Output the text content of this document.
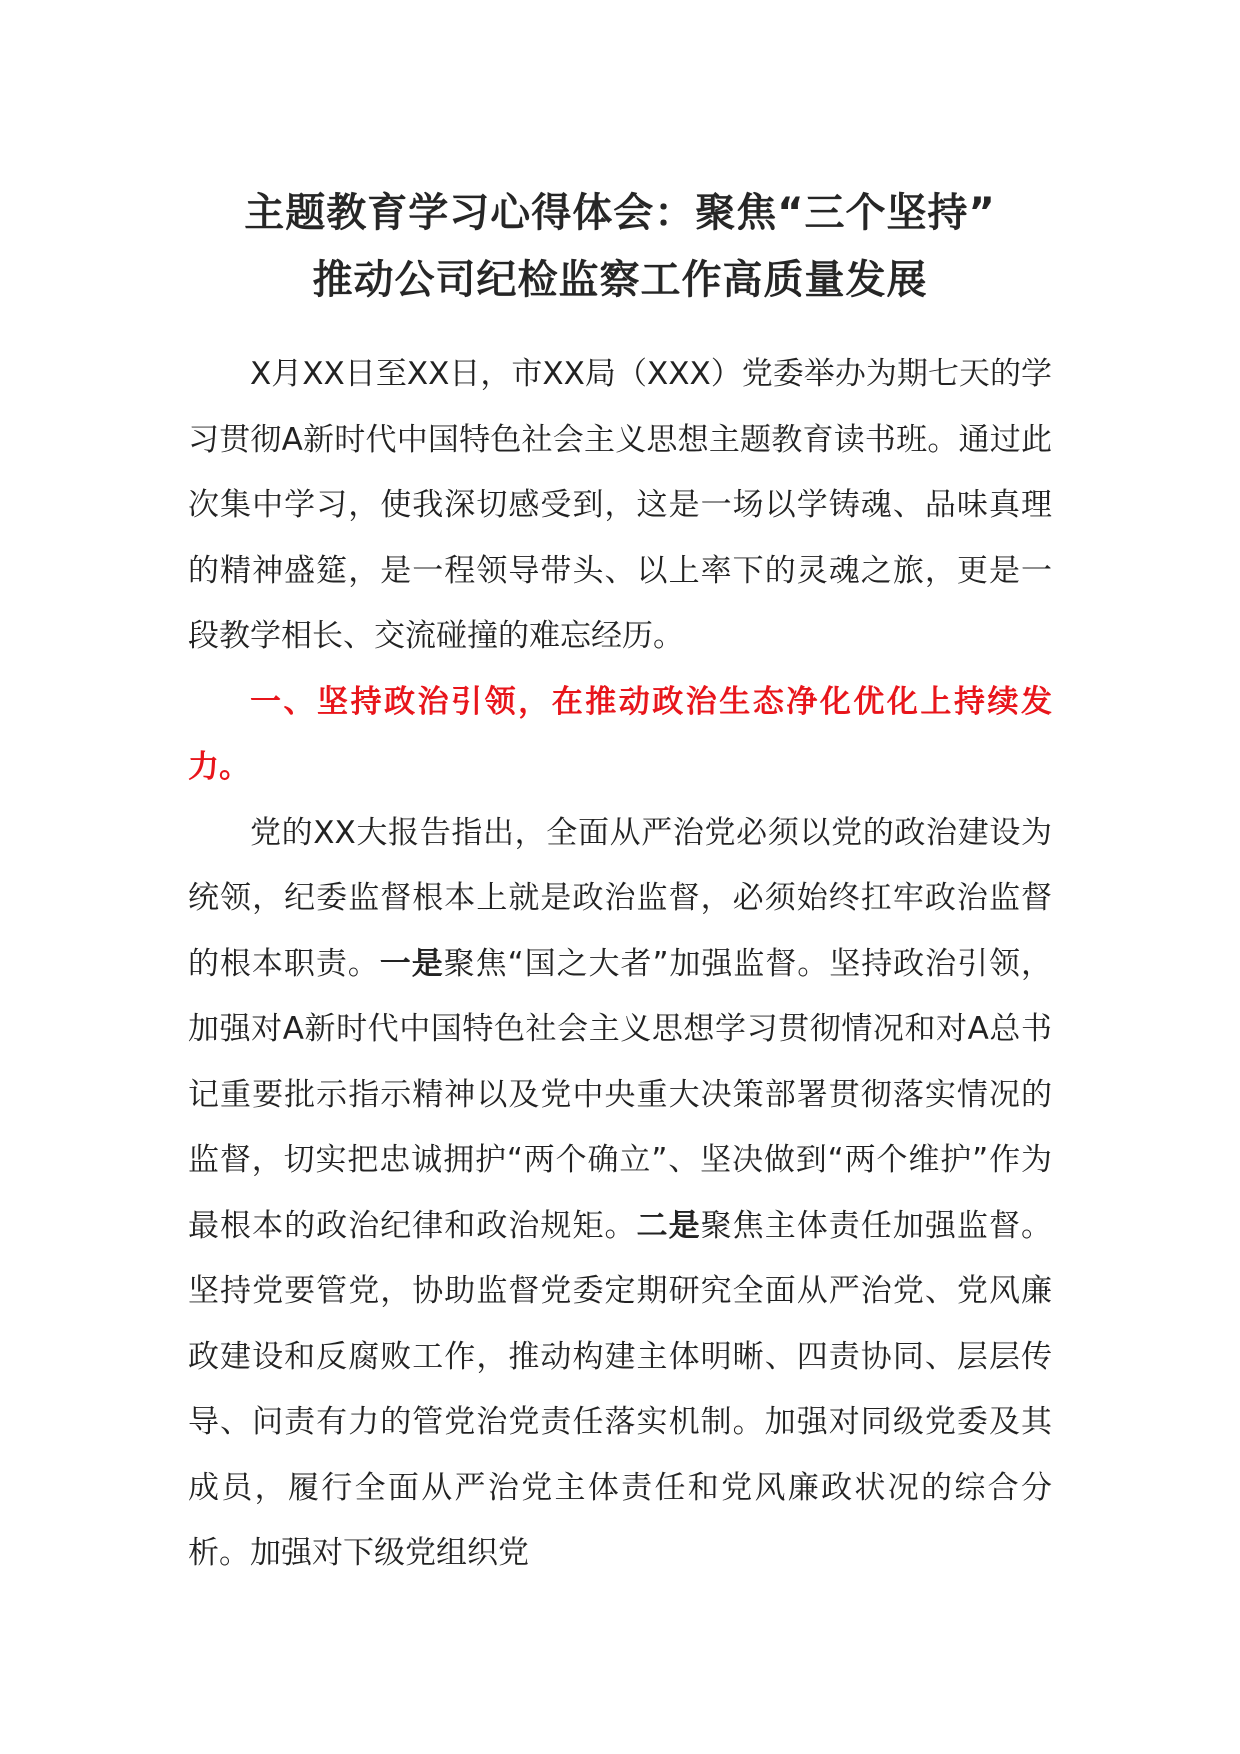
主题教育学习心得体会：聚焦“三个坚持”
推动公司纪检监察工作高质量发展

X月XX日至XX日，市XX局（XXX）党委举办为期七天的学习贯彻A新时代中国特色社会主义思想主题教育读书班。通过此次集中学习，使我深切感受到，这是一场以学铸魂、品味真理的精神盛筵，是一程领导带头、以上率下的灵魂之旅，更是一段教学相长、交流碰撞的难忘经历。

一、坚持政治引领，在推动政治生态净化优化上持续发力。

党的XX大报告指出，全面从严治党必须以党的政治建设为统领，纪委监督根本上就是政治监督，必须始终扛牢政治监督的根本职责。一是聚焦“国之大者”加强监督。坚持政治引领，加强对A新时代中国特色社会主义思想学习贯彻情况和对A总书记重要批示指示精神以及党中央重大决策部署贯彻落实情况的监督，切实把忠诚拥护“两个确立”、坚决做到“两个维护”作为最根本的政治纪律和政治规矩。二是聚焦主体责任加强监督。坚持党要管党，协助监督党委定期研究全面从严治党、党风廉政建设和反腐败工作，推动构建主体明晰、四责协同、层层传导、问责有力的管党治党责任落实机制。加强对同级党委及其成员，履行全面从严治党主体责任和党风廉政状况的综合分析。加强对下级党组织党
